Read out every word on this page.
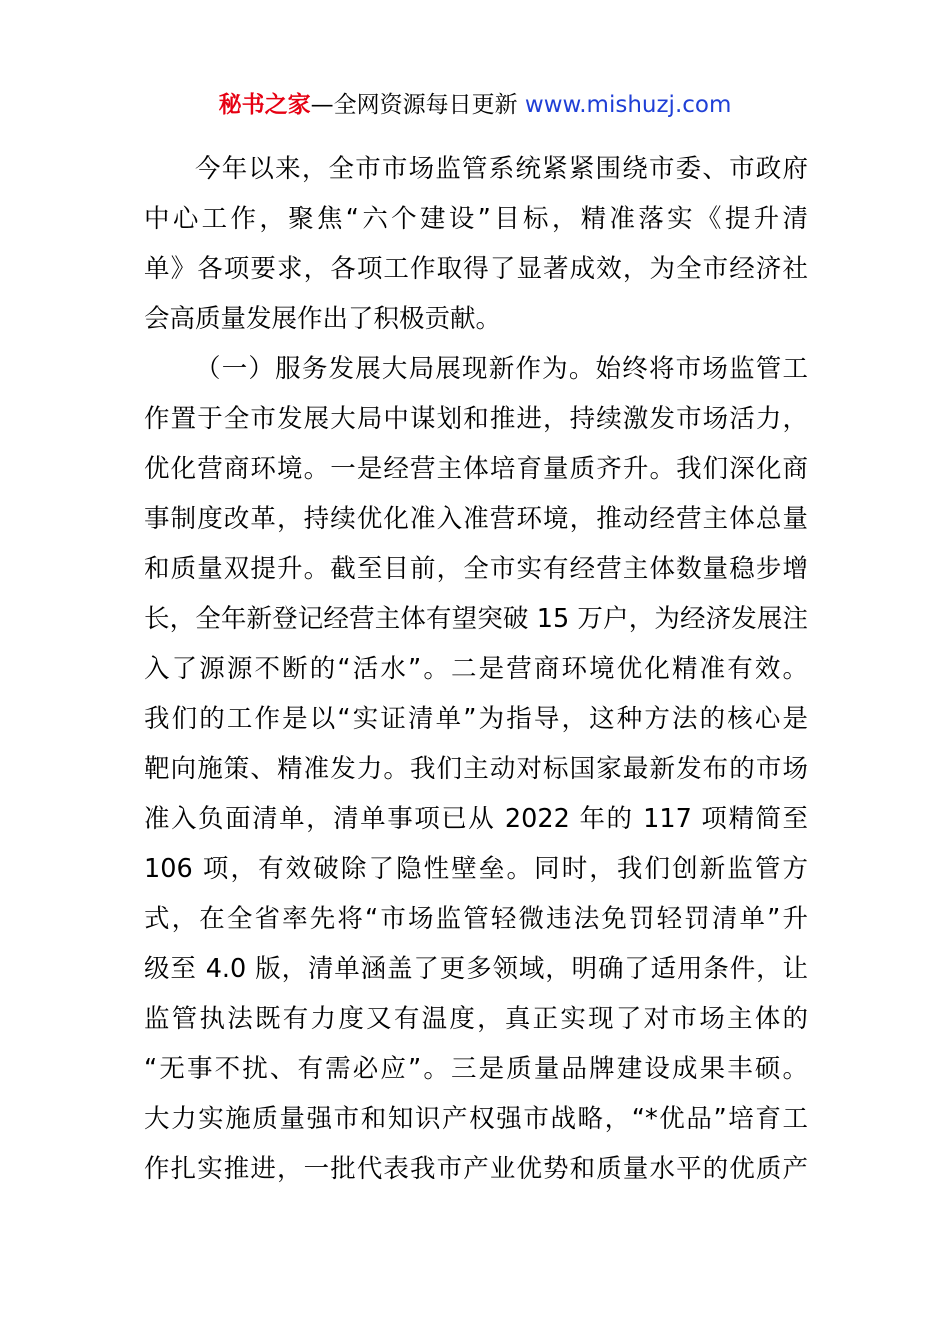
秘书之家—全网资源每日更新 www.mishuzj.com
今年以来，全市市场监管系统紧紧围绕市委、市政府
中心工作，聚焦“六个建设”目标，精准落实《提升清
单》各项要求，各项工作取得了显著成效，为全市经济社
会高质量发展作出了积极贡献。
（一）服务发展大局展现新作为。始终将市场监管工
作置于全市发展大局中谋划和推进，持续激发市场活力，
优化营商环境。一是经营主体培育量质齐升。我们深化商
事制度改革，持续优化准入准营环境，推动经营主体总量
和质量双提升。截至目前，全市实有经营主体数量稳步增
长，全年新登记经营主体有望突破 15 万户，为经济发展注
入了源源不断的“活水”。二是营商环境优化精准有效。
我们的工作是以“实证清单”为指导，这种方法的核心是
靶向施策、精准发力。我们主动对标国家最新发布的市场
准入负面清单，清单事项已从 2022 年的 117 项精简至
106 项，有效破除了隐性壁垒。同时，我们创新监管方
式，在全省率先将“市场监管轻微违法免罚轻罚清单”升
级至 4.0 版，清单涵盖了更多领域，明确了适用条件，让
监管执法既有力度又有温度，真正实现了对市场主体的
“无事不扰、有需必应”。三是质量品牌建设成果丰硕。
大力实施质量强市和知识产权强市战略，“*优品”培育工
作扎实推进，一批代表我市产业优势和质量水平的优质产
